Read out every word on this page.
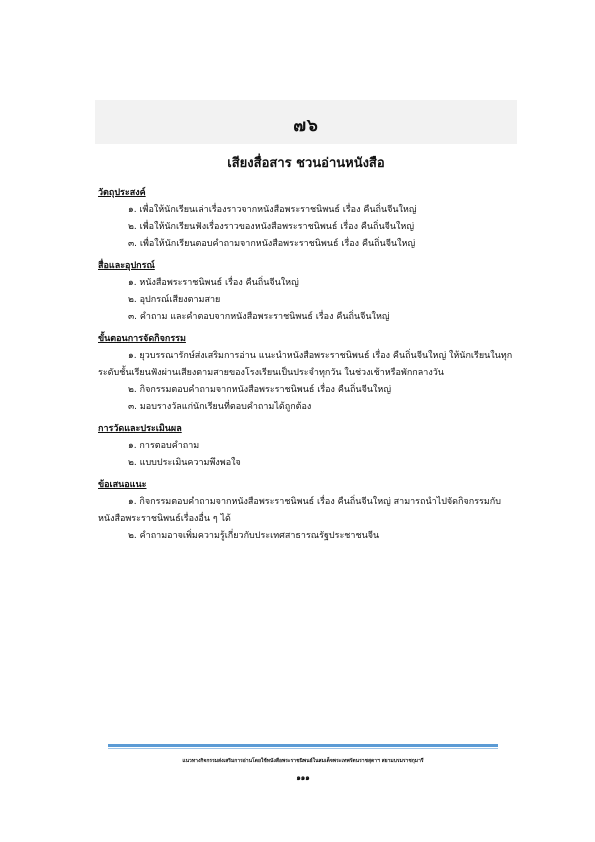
๗๖
เสียงสื่อสาร ชวนอ่านหนังสือ
วัตถุประสงค์
๑. เพื่อให้นักเรียนเล่าเรื่องราวจากหนังสือพระราชนิพนธ์ เรื่อง คืนถิ่นจีนใหญ่
๒. เพื่อให้นักเรียนฟังเรื่องราวของหนังสือพระราชนิพนธ์ เรื่อง คืนถิ่นจีนใหญ่
๓. เพื่อให้นักเรียนตอบคำถามจากหนังสือพระราชนิพนธ์ เรื่อง คืนถิ่นจีนใหญ่
สื่อและอุปกรณ์
๑. หนังสือพระราชนิพนธ์ เรื่อง คืนถิ่นจีนใหญ่
๒. อุปกรณ์เสียงตามสาย
๓. คำถาม และคำตอบจากหนังสือพระราชนิพนธ์ เรื่อง คืนถิ่นจีนใหญ่
ขั้นตอนการจัดกิจกรรม
๑. ยุวบรรณารักษ์ส่งเสริมการอ่าน แนะนำหนังสือพระราชนิพนธ์ เรื่อง คืนถิ่นจีนใหญ่ ให้นักเรียนในทุกระดับชั้นเรียนฟังผ่านเสียงตามสายของโรงเรียนเป็นประจำทุกวัน ในช่วงเช้าหรือพักกลางวัน
๒. กิจกรรมตอบคำถามจากหนังสือพระราชนิพนธ์ เรื่อง คืนถิ่นจีนใหญ่
๓. มอบรางวัลแก่นักเรียนที่ตอบคำถามได้ถูกต้อง
การวัดและประเมินผล
๑. การตอบคำถาม
๒. แบบประเมินความพึงพอใจ
ข้อเสนอแนะ
๑. กิจกรรมตอบคำถามจากหนังสือพระราชนิพนธ์ เรื่อง คืนถิ่นจีนใหญ่ สามารถนำไปจัดกิจกรรมกับหนังสือพระราชนิพนธ์เรื่องอื่น ๆ ได้
๒. คำถามอาจเพิ่มความรู้เกี่ยวกับประเทศสาธารณรัฐประชาชนจีน
แนวทางกิจกรรมส่งเสริมการอ่านโดยใช้หนังสือพระราชนิพนธ์ในสมเด็จพระเทพรัตนราชสุดาฯ สยามบรมราชกุมารี
๑๑๑
